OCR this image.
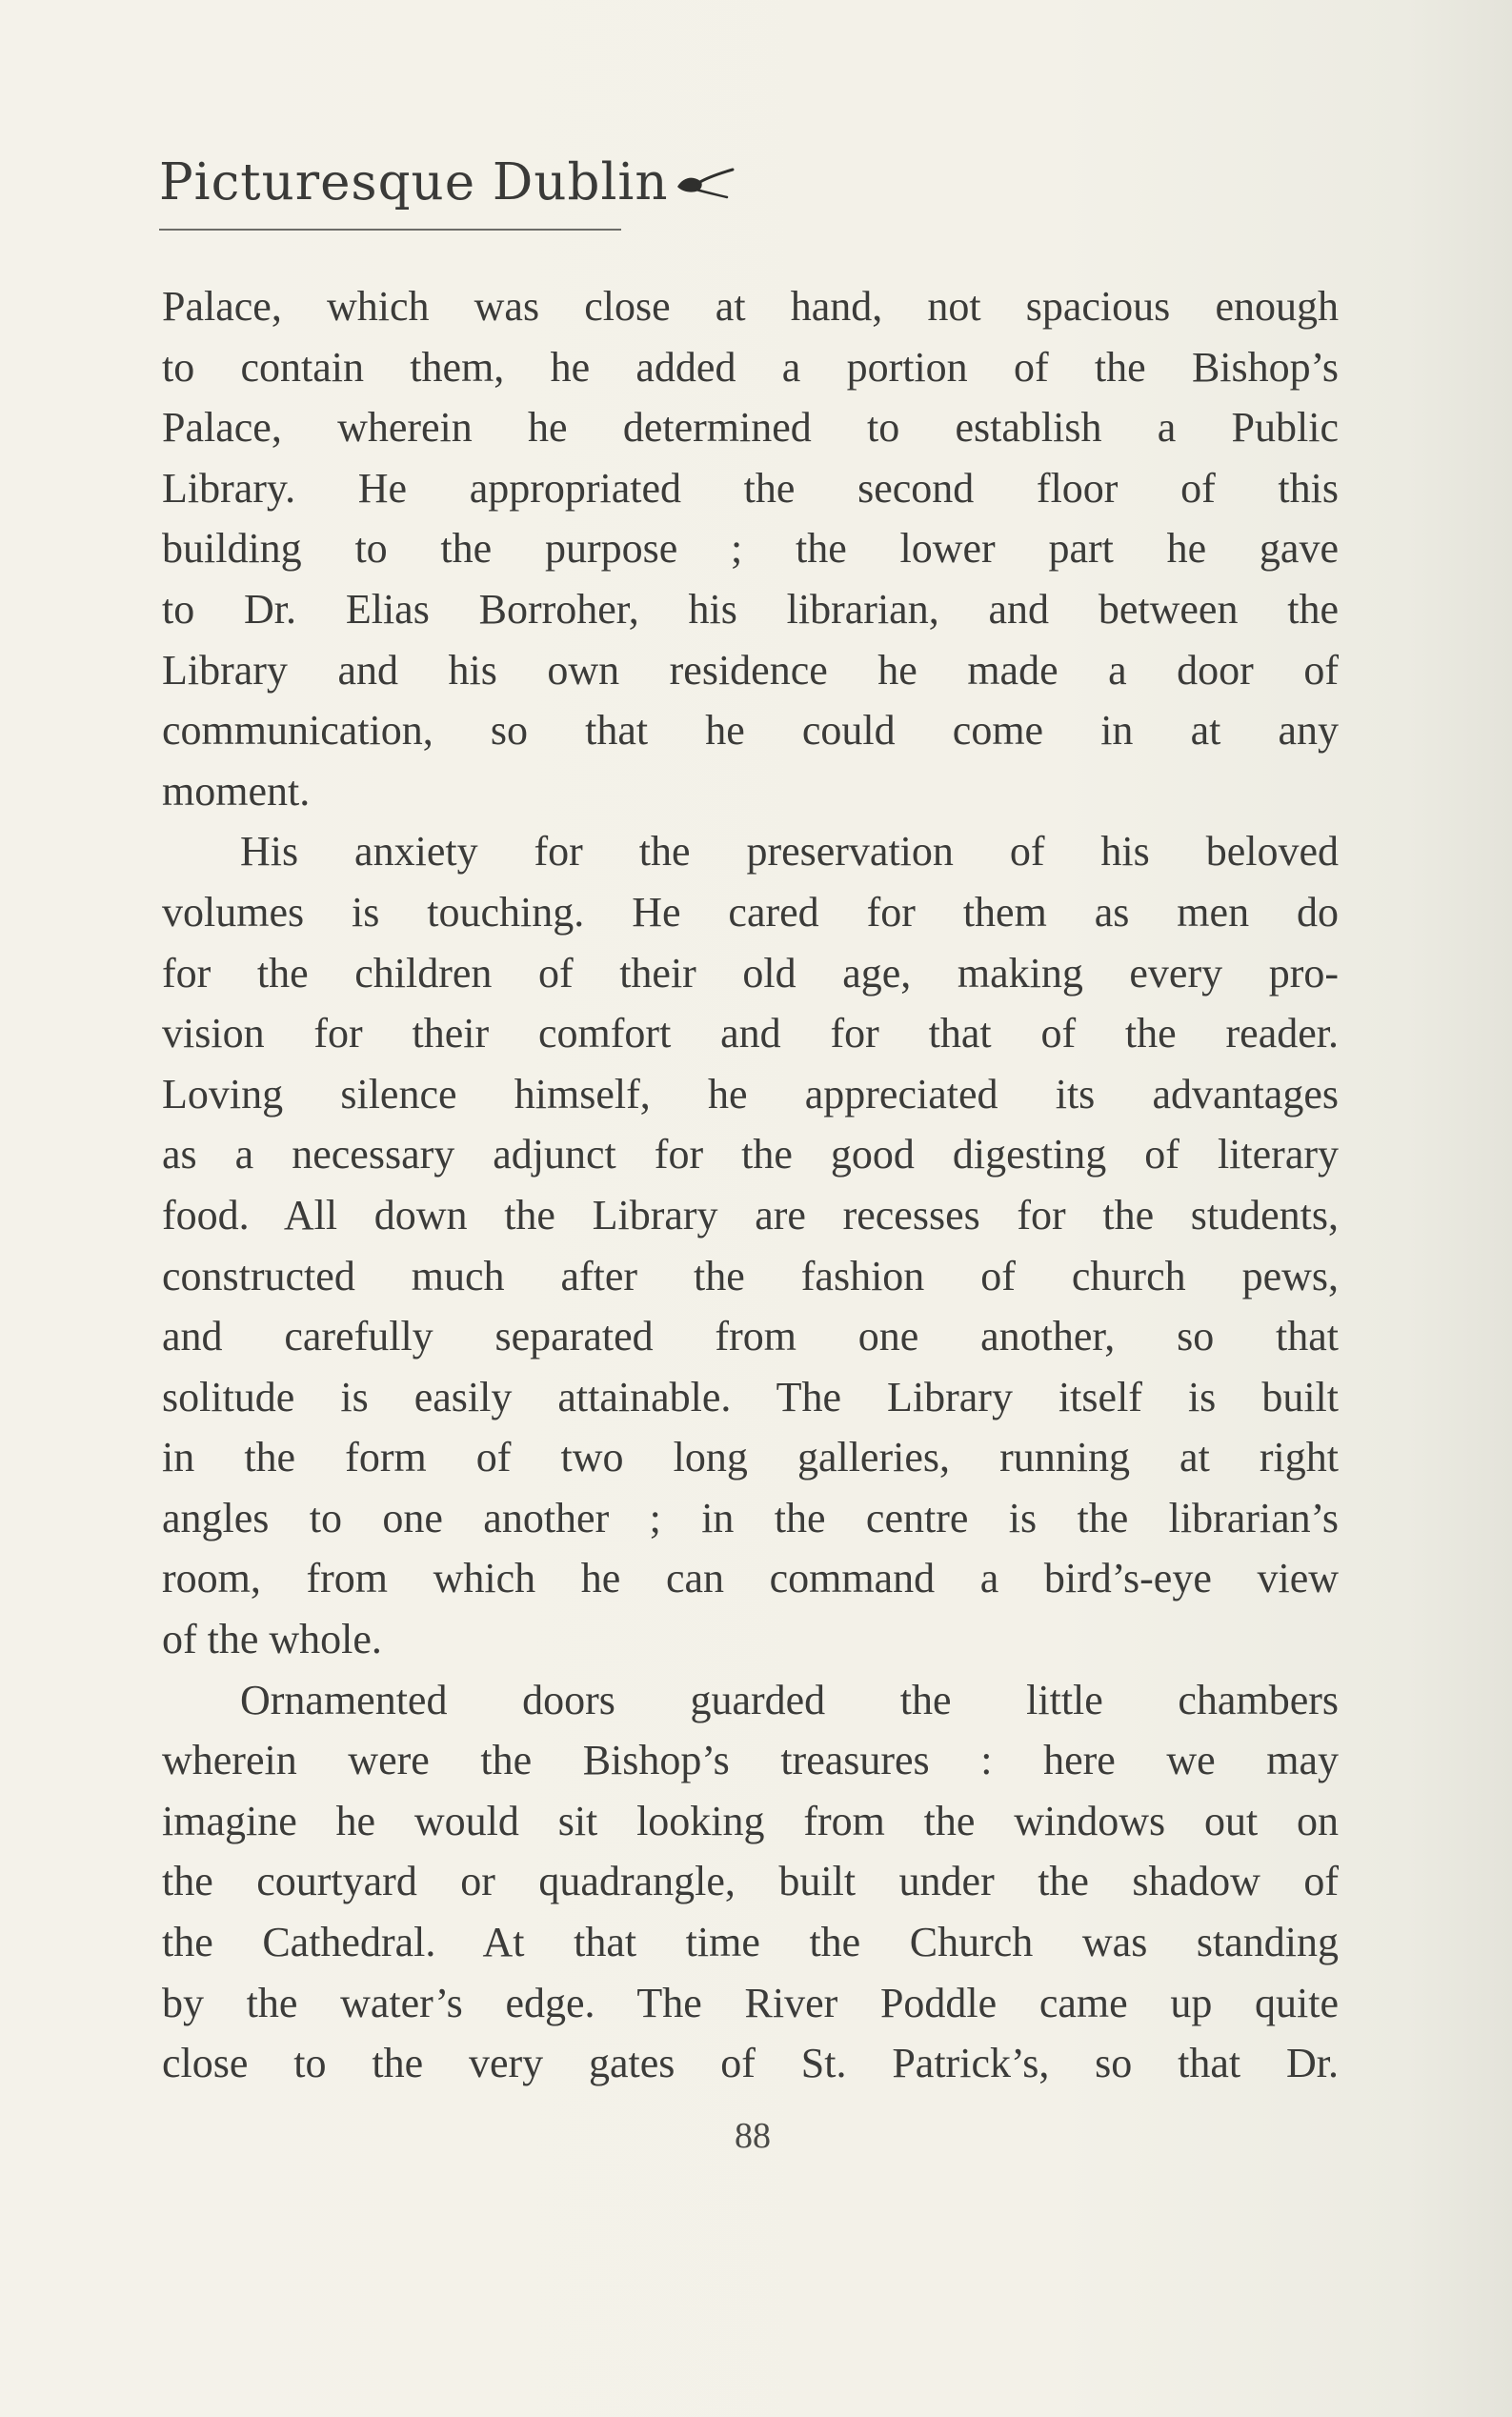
Picturesque Dublin
Palace, which was close at hand, not spacious enough
to contain them, he added a portion of the Bishop’s
Palace, wherein he determined to establish a Public
Library. He appropriated the second floor of this
building to the purpose ; the lower part he gave
to Dr. Elias Borroher, his librarian, and between the
Library and his own residence he made a door of
communication, so that he could come in at any
moment.
His anxiety for the preservation of his beloved
volumes is touching. He cared for them as men do
for the children of their old age, making every pro-
vision for their comfort and for that of the reader.
Loving silence himself, he appreciated its advantages
as a necessary adjunct for the good digesting of literary
food. All down the Library are recesses for the students,
constructed much after the fashion of church pews,
and carefully separated from one another, so that
solitude is easily attainable. The Library itself is built
in the form of two long galleries, running at right
angles to one another ; in the centre is the librarian’s
room, from which he can command a bird’s-eye view
of the whole.
Ornamented doors guarded the little chambers
wherein were the Bishop’s treasures : here we may
imagine he would sit looking from the windows out on
the courtyard or quadrangle, built under the shadow of
the Cathedral. At that time the Church was standing
by the water’s edge. The River Poddle came up quite
close to the very gates of St. Patrick’s, so that Dr.
88
